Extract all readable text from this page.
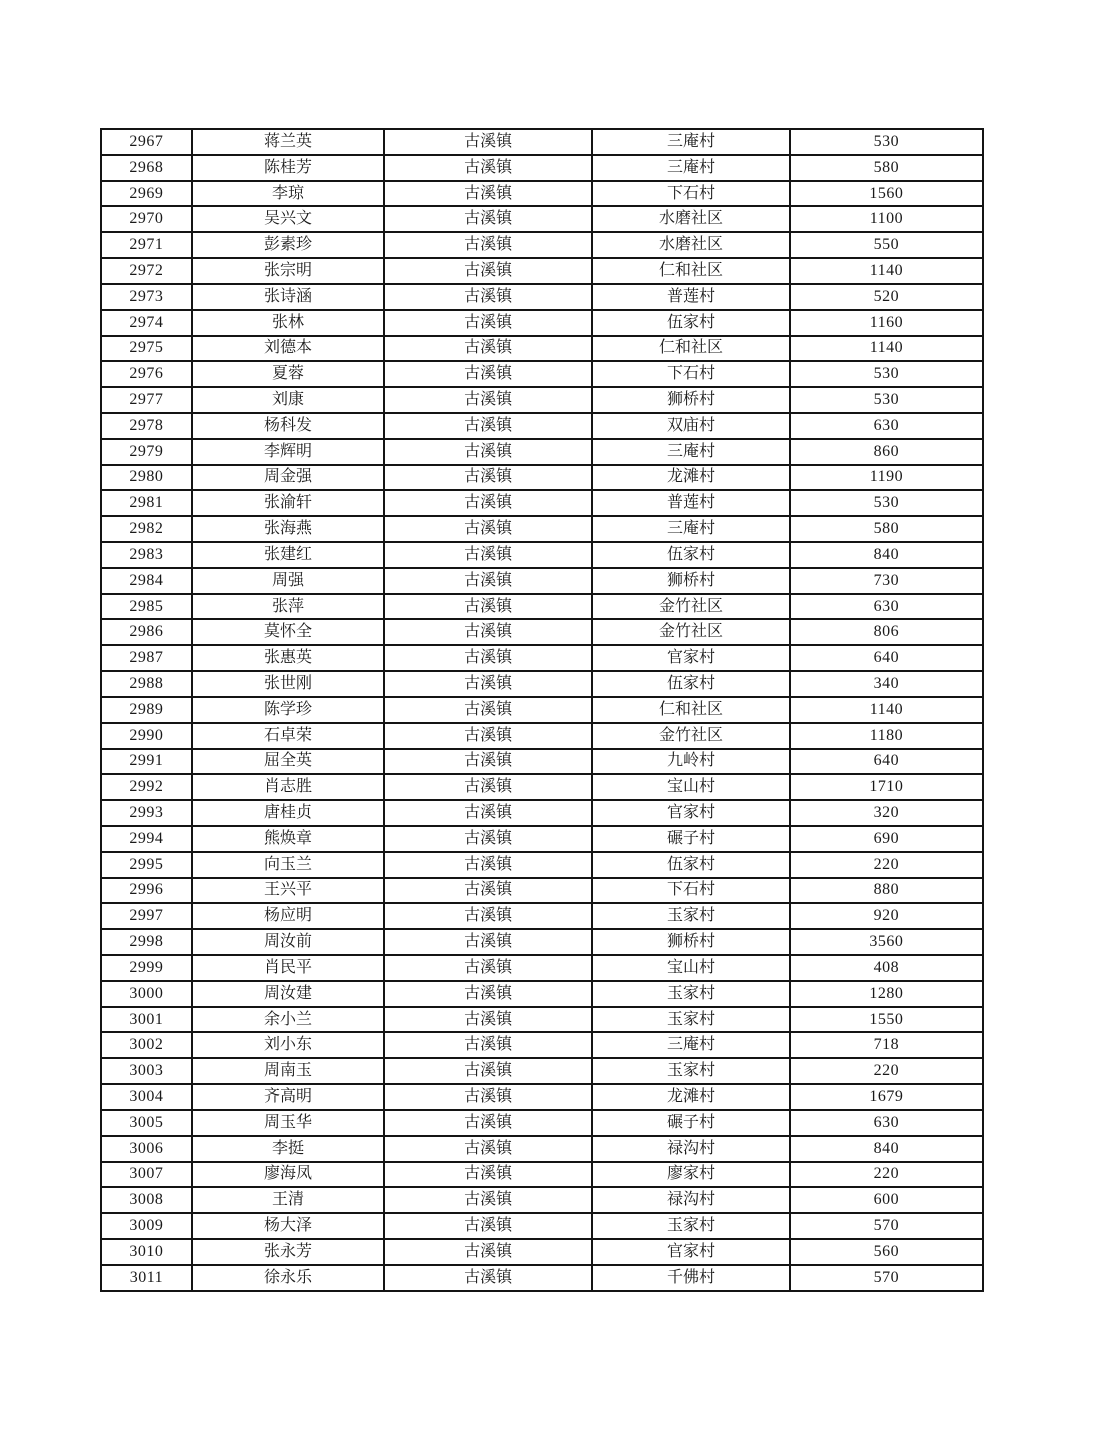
2967	蒋兰英	古溪镇	三庵村	530
2968	陈桂芳	古溪镇	三庵村	580
2969	李琼	古溪镇	下石村	1560
2970	吴兴文	古溪镇	水磨社区	1100
2971	彭素珍	古溪镇	水磨社区	550
2972	张宗明	古溪镇	仁和社区	1140
2973	张诗涵	古溪镇	普莲村	520
2974	张林	古溪镇	伍家村	1160
2975	刘德本	古溪镇	仁和社区	1140
2976	夏蓉	古溪镇	下石村	530
2977	刘康	古溪镇	狮桥村	530
2978	杨科发	古溪镇	双庙村	630
2979	李辉明	古溪镇	三庵村	860
2980	周金强	古溪镇	龙滩村	1190
2981	张渝轩	古溪镇	普莲村	530
2982	张海燕	古溪镇	三庵村	580
2983	张建红	古溪镇	伍家村	840
2984	周强	古溪镇	狮桥村	730
2985	张萍	古溪镇	金竹社区	630
2986	莫怀全	古溪镇	金竹社区	806
2987	张惠英	古溪镇	官家村	640
2988	张世刚	古溪镇	伍家村	340
2989	陈学珍	古溪镇	仁和社区	1140
2990	石卓荣	古溪镇	金竹社区	1180
2991	屈全英	古溪镇	九岭村	640
2992	肖志胜	古溪镇	宝山村	1710
2993	唐桂贞	古溪镇	官家村	320
2994	熊焕章	古溪镇	碾子村	690
2995	向玉兰	古溪镇	伍家村	220
2996	王兴平	古溪镇	下石村	880
2997	杨应明	古溪镇	玉家村	920
2998	周汝前	古溪镇	狮桥村	3560
2999	肖民平	古溪镇	宝山村	408
3000	周汝建	古溪镇	玉家村	1280
3001	余小兰	古溪镇	玉家村	1550
3002	刘小东	古溪镇	三庵村	718
3003	周南玉	古溪镇	玉家村	220
3004	齐高明	古溪镇	龙滩村	1679
3005	周玉华	古溪镇	碾子村	630
3006	李挺	古溪镇	禄沟村	840
3007	廖海凤	古溪镇	廖家村	220
3008	王清	古溪镇	禄沟村	600
3009	杨大泽	古溪镇	玉家村	570
3010	张永芳	古溪镇	官家村	560
3011	徐永乐	古溪镇	千佛村	570
